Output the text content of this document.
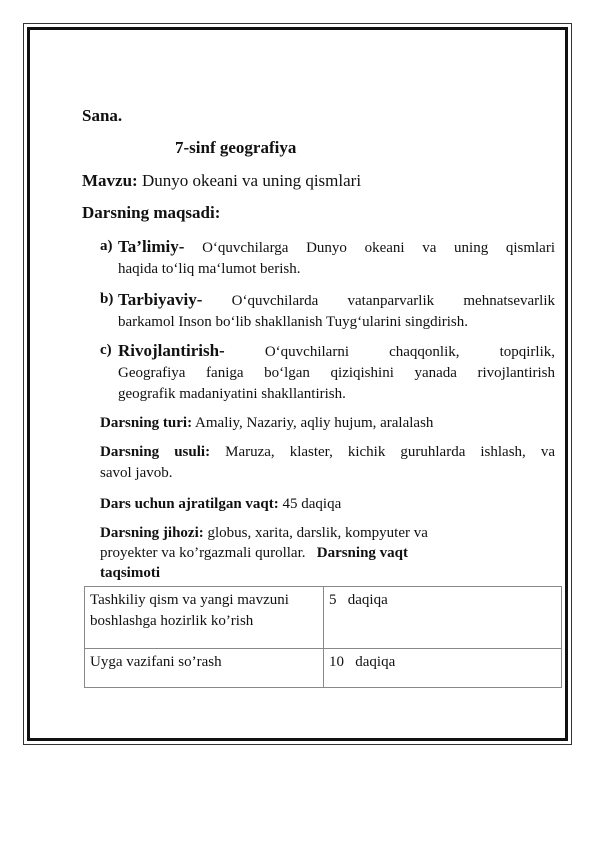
Sana.
7-sinf geografiya
Mavzu: Dunyo okeani va uning qismlari
Darsning maqsadi:
a) Ta’limiy- O‘quvchilarga Dunyo okeani va uning qismlari
haqida to‘liq ma‘lumot berish.
b) Tarbiyaviy- O‘quvchilarda vatanparvarlik mehnatsevarlik
barkamol Inson bo‘lib shakllanish Tuyg‘ularini singdirish.
c) Rivojlantirish-	O‘quvchilarni chaqqonlik, topqirlik,
Geografiya faniga bo‘lgan qiziqishini yanada rivojlantirish
geografik madaniyatini shakllantirish.
Darsning turi: Amaliy, Nazariy, aqliy hujum, aralalash
Darsning usuli: Maruza, klaster, kichik guruhlarda ishlash, va
savol javob.
Dars uchun ajratilgan vaqt: 45 daqiqa
Darsning jihozi: globus, xarita, darslik, kompyuter va
proyekter va ko’rgazmali qurollar. Darsning vaqt
taqsimoti
Tashkiliy qism va yangi mavzuni
boshlashga hozirlik ko’rish	5   daqiqa

Uyga vazifani so’rash	10   daqiqa
